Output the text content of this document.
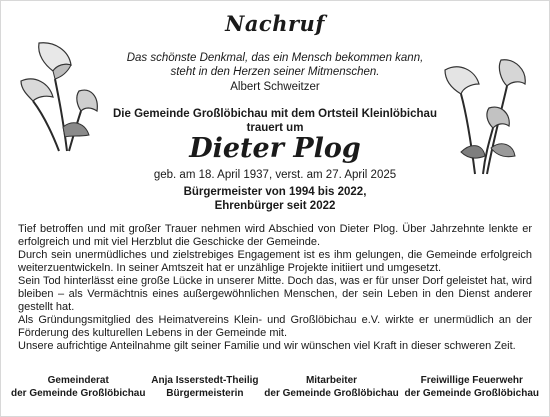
Nachruf
Das schönste Denkmal, das ein Mensch bekommen kann,
steht in den Herzen seiner Mitmenschen.
Albert Schweitzer
Die Gemeinde Großlöbichau mit dem Ortsteil Kleinlöbichau
trauert um
Dieter Plog
geb. am 18. April 1937, verst. am 27. April 2025
Bürgermeister von 1994 bis 2022,
Ehrenbürger seit 2022

Tief betroffen und mit großer Trauer nehmen wird Abschied von Dieter Plog. Über Jahrzehnte lenkte er erfolgreich und mit viel Herzblut die Geschicke der Gemeinde.

Durch sein unermüdliches und zielstrebiges Engagement ist es ihm gelungen, die Gemeinde erfolgreich weiterzuentwickeln. In seiner Amtszeit hat er unzählige Projekte initiiert und umgesetzt.

Sein Tod hinterlässt eine große Lücke in unserer Mitte. Doch das, was er für unser Dorf geleistet hat, wird bleiben – als Vermächtnis eines außergewöhnlichen Menschen, der sein Leben in den Dienst anderer gestellt hat.

Als Gründungsmitglied des Heimatvereins Klein- und Großlöbichau e.V. wirkte er unermüdlich an der Förderung des kulturellen Lebens in der Gemeinde mit.

Unsere aufrichtige Anteilnahme gilt seiner Familie und wir wünschen viel Kraft in dieser schweren Zeit.

Gemeinderat
der Gemeinde Großlöbichau
Anja Isserstedt-Theilig
Bürgermeisterin
Mitarbeiter
der Gemeinde Großlöbichau
Freiwillige Feuerwehr
der Gemeinde Großlöbichau
